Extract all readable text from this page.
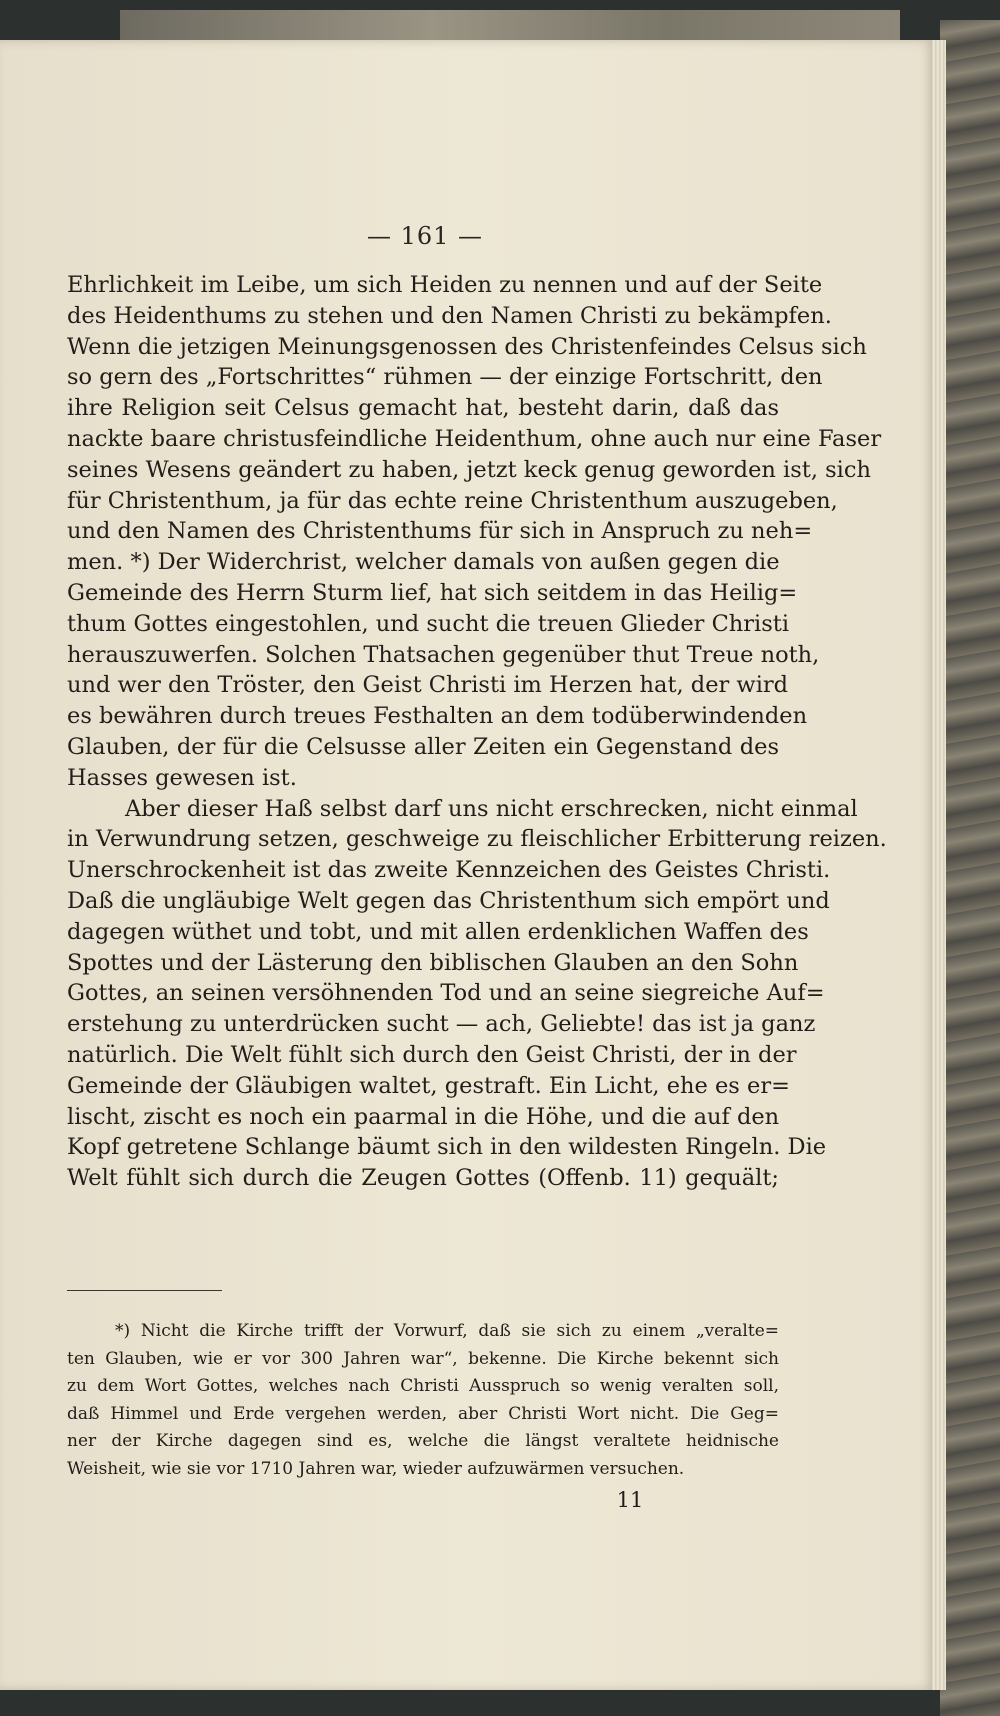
— 161 —
Ehrlichkeit im Leibe, um sich Heiden zu nennen und auf der Seite
des Heidenthums zu stehen und den Namen Christi zu bekämpfen.
Wenn die jetzigen Meinungsgenossen des Christenfeindes Celsus sich
so gern des „Fortschrittes“ rühmen — der einzige Fortschritt, den
ihre Religion seit Celsus gemacht hat, besteht darin, daß das
nackte baare christusfeindliche Heidenthum, ohne auch nur eine Faser
seines Wesens geändert zu haben, jetzt keck genug geworden ist, sich
für Christenthum, ja für das echte reine Christenthum auszugeben,
und den Namen des Christenthums für sich in Anspruch zu neh=
men. *) Der Widerchrist, welcher damals von außen gegen die
Gemeinde des Herrn Sturm lief, hat sich seitdem in das Heilig=
thum Gottes eingestohlen, und sucht die treuen Glieder Christi
herauszuwerfen. Solchen Thatsachen gegenüber thut Treue noth,
und wer den Tröster, den Geist Christi im Herzen hat, der wird
es bewähren durch treues Festhalten an dem todüberwindenden
Glauben, der für die Celsusse aller Zeiten ein Gegenstand des
Hasses gewesen ist.
Aber dieser Haß selbst darf uns nicht erschrecken, nicht einmal
in Verwundrung setzen, geschweige zu fleischlicher Erbitterung reizen.
Unerschrockenheit ist das zweite Kennzeichen des Geistes Christi.
Daß die ungläubige Welt gegen das Christenthum sich empört und
dagegen wüthet und tobt, und mit allen erdenklichen Waffen des
Spottes und der Lästerung den biblischen Glauben an den Sohn
Gottes, an seinen versöhnenden Tod und an seine siegreiche Auf=
erstehung zu unterdrücken sucht — ach, Geliebte! das ist ja ganz
natürlich. Die Welt fühlt sich durch den Geist Christi, der in der
Gemeinde der Gläubigen waltet, gestraft. Ein Licht, ehe es er=
lischt, zischt es noch ein paarmal in die Höhe, und die auf den
Kopf getretene Schlange bäumt sich in den wildesten Ringeln. Die
Welt fühlt sich durch die Zeugen Gottes (Offenb. 11) gequält;
*) Nicht die Kirche trifft der Vorwurf, daß sie sich zu einem „veralte=
ten Glauben, wie er vor 300 Jahren war“, bekenne. Die Kirche bekennt sich
zu dem Wort Gottes, welches nach Christi Ausspruch so wenig veralten soll,
daß Himmel und Erde vergehen werden, aber Christi Wort nicht. Die Geg=
ner der Kirche dagegen sind es, welche die längst veraltete heidnische
Weisheit, wie sie vor 1710 Jahren war, wieder aufzuwärmen versuchen.
11
